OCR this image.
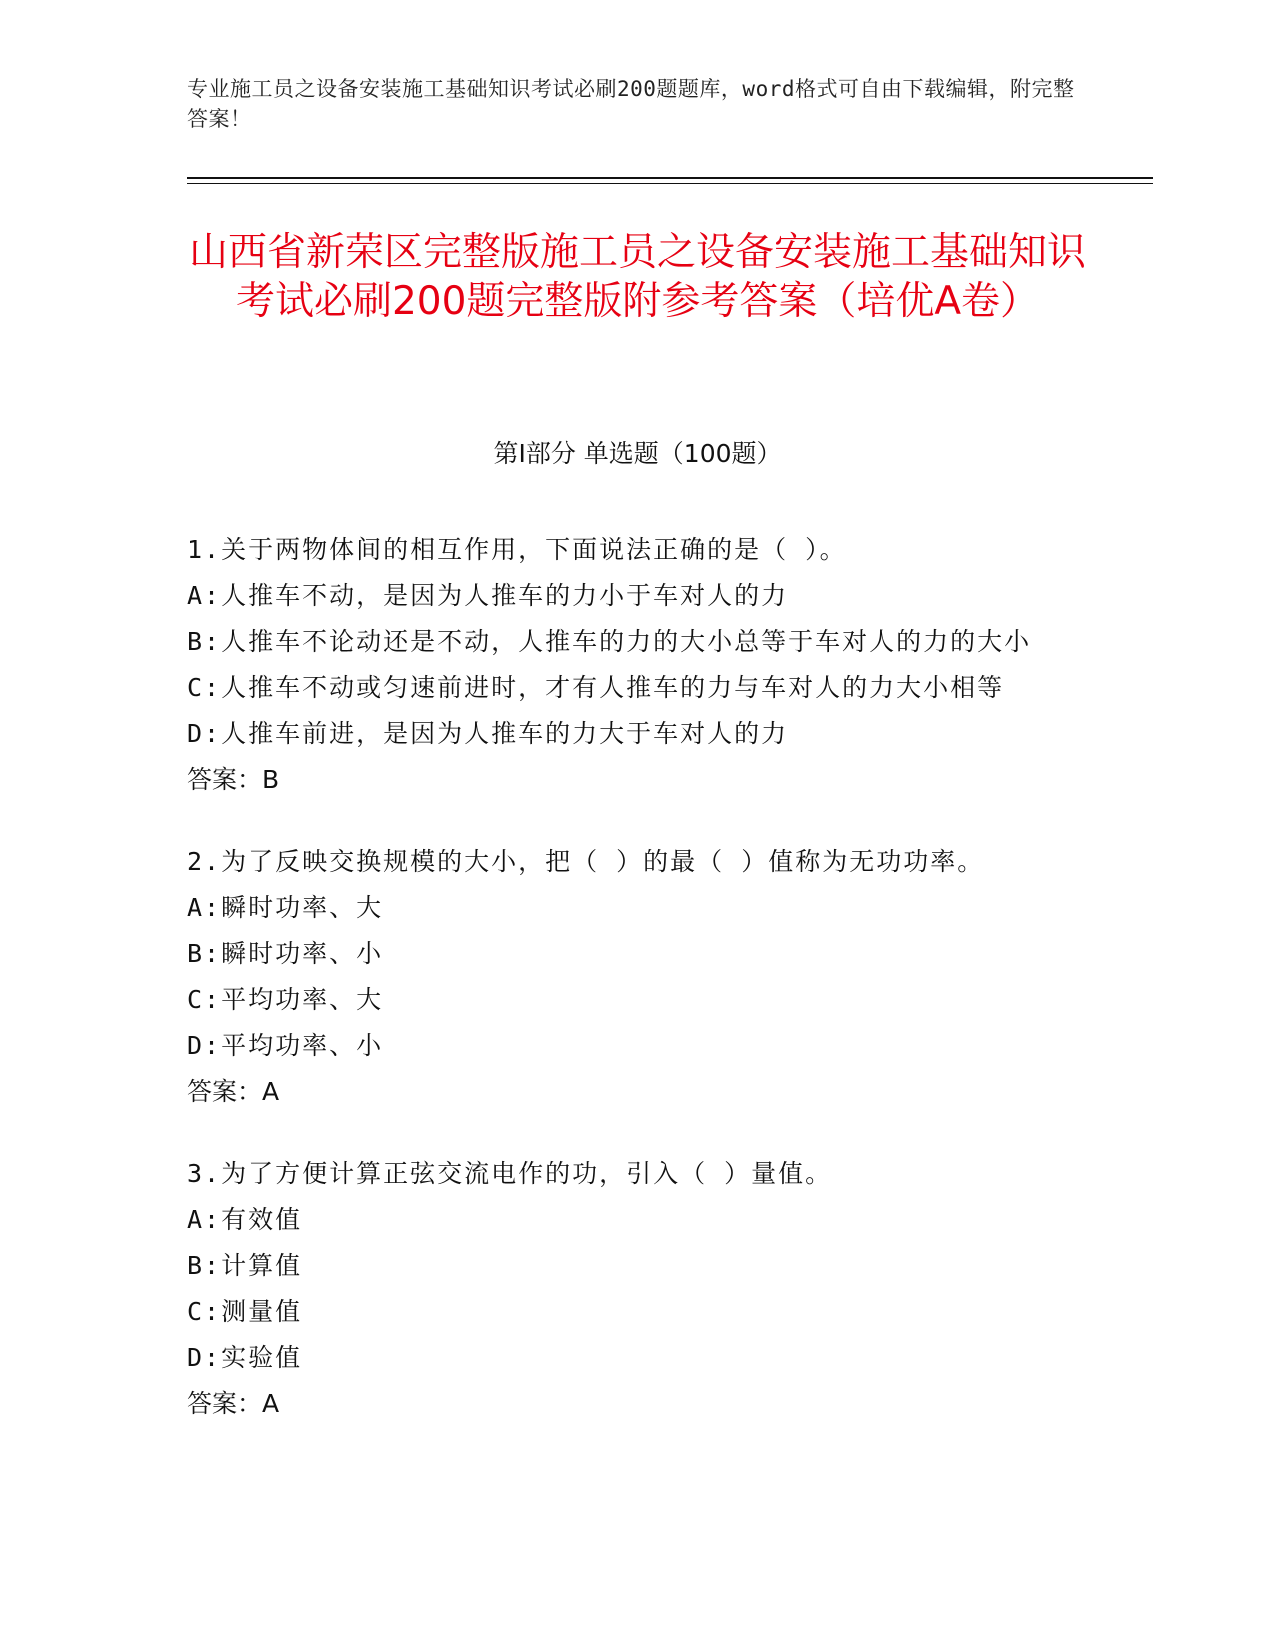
专业施工员之设备安装施工基础知识考试必刷200题题库，word格式可自由下载编辑，附完整答案！
山西省新荣区完整版施工员之设备安装施工基础知识考试必刷200题完整版附参考答案（培优A卷）
第Ⅰ部分 单选题（100题）
1.关于两物体间的相互作用，下面说法正确的是（ ）。
A:人推车不动，是因为人推车的力小于车对人的力
B:人推车不论动还是不动，人推车的力的大小总等于车对人的力的大小
C:人推车不动或匀速前进时，才有人推车的力与车对人的力大小相等
D:人推车前进，是因为人推车的力大于车对人的力
答案：B
2.为了反映交换规模的大小，把（ ）的最（ ）值称为无功功率。
A:瞬时功率、大
B:瞬时功率、小
C:平均功率、大
D:平均功率、小
答案：A
3.为了方便计算正弦交流电作的功，引入（ ）量值。
A:有效值
B:计算值
C:测量值
D:实验值
答案：A
